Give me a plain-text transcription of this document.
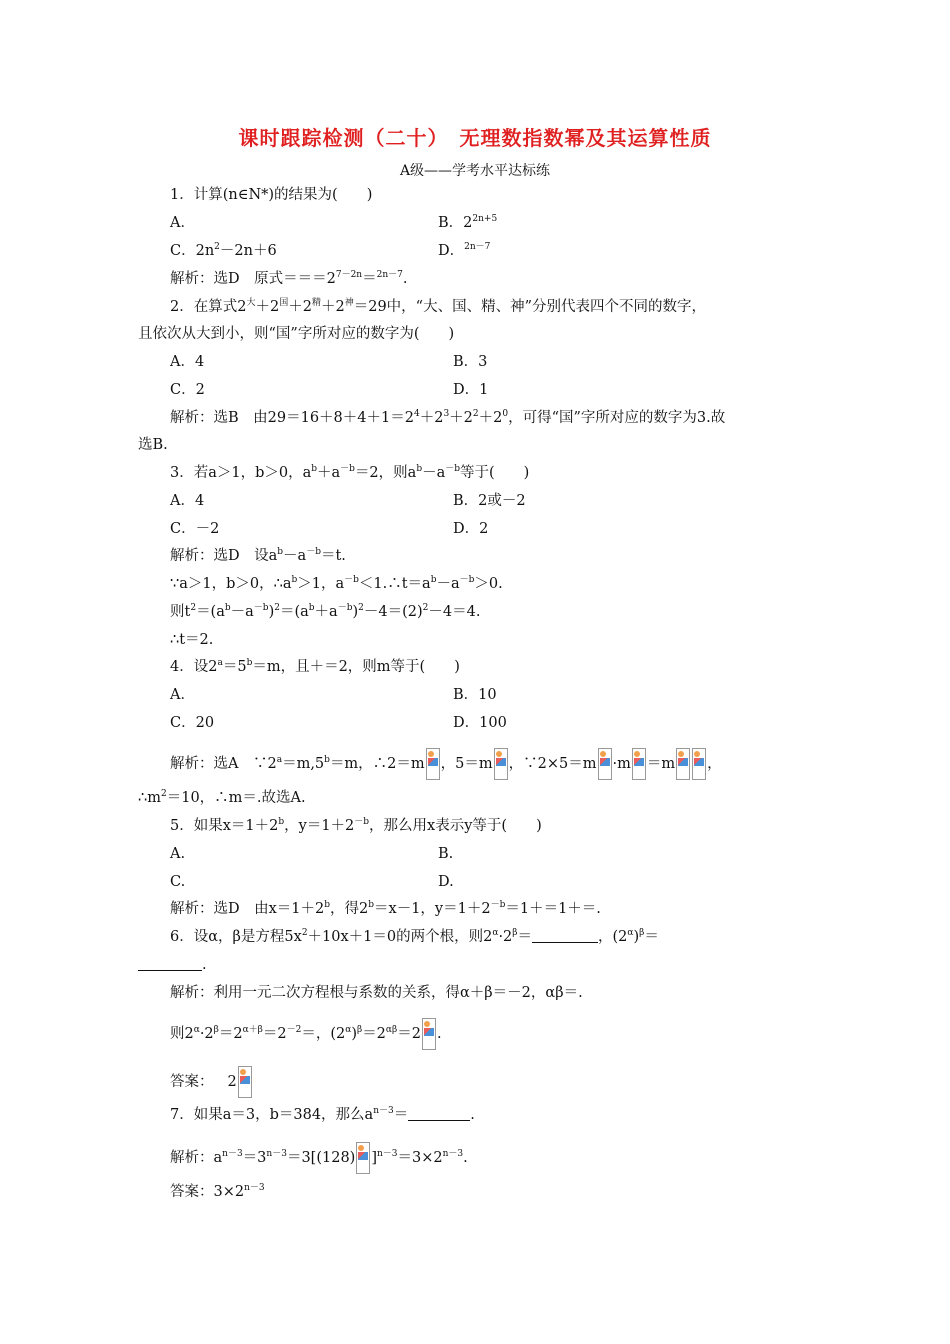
课时跟踪检测（二十）　无理数指数幂及其运算性质
A级——学考水平达标练
1．计算(n∈N*)的结果为(　　)
A．	B．$2^{2n+5}$
C．$2n^2-2n+6$	D．$^{2n-7}$
解析：选D　原式$===2^{7-2n}=^{2n-7}$.
2．在算式$2^大+2^国+2^精+2^神=29$中，“大、国、精、神”分别代表四个不同的数字，
且依次从大到小，则“国”字所对应的数字为(　　)
A．4	B．3
C．2	D．1
解析：选B　由$29=16+8+4+1=2^4+2^3+2^2+2^0$，可得“国”字所对应的数字为3.故
选B.
3．若a＞1，b＞0，$a^b+a^{-b}=2$，则$a^b-a^{-b}$等于(　　)
A．4	B．2或－2
C．－2	D．2
解析：选D　设$a^b-a^{-b}=t$.
∵a＞1，b＞0，$\therefore a^b>1$，$a^{-b}<1.\therefore t=a^b-a^{-b}>0$.
则$t^2=(a^b-a^{-b})^2=(a^b+a^{-b})^2-4=(2)^2-4=4$.
∴t＝2.
4．设$2^a=5^b=m$，且＋＝2，则m等于(　　)
A．	B．10
C．20	D．100
解析：选A　$\because 2^a=m,5^b=m$，∴2＝m ，5＝m ，∵2×5＝m ·m ＝m ，
$\therefore m^2=10$，∴m＝.故选A.
5．如果$x=1+2^b$，$y=1+2^{-b}$，那么用x表示y等于(　　)
A.	B.
C.	D.
解析：选D　由$x=1+2^b$，得$2^b=x-1$，$y=1+2^{-b}=1+=1+=$.
6．设α，β是方程$5x^2+10x+1=0$的两个根，则$2^\alpha\cdot 2^\beta=$	，$(2^\alpha)^\beta=$
.
解析：利用一元二次方程根与系数的关系，得α＋β＝－2，αβ＝.
则$2^\alpha\cdot 2^\beta=2^{\alpha+\beta}=2^{-2}=$，$(2^\alpha)^\beta=2^{\alpha\beta}=2$ .
答案： 2
7．如果a＝3，b＝384，那么$a^{n-3}=$	.
解析：$a^{n-3}=3^{n-3}=3[(128)$ ]$^{n-3}=3\times 2^{n-3}$.
答案：$3\times 2^{n-3}$
